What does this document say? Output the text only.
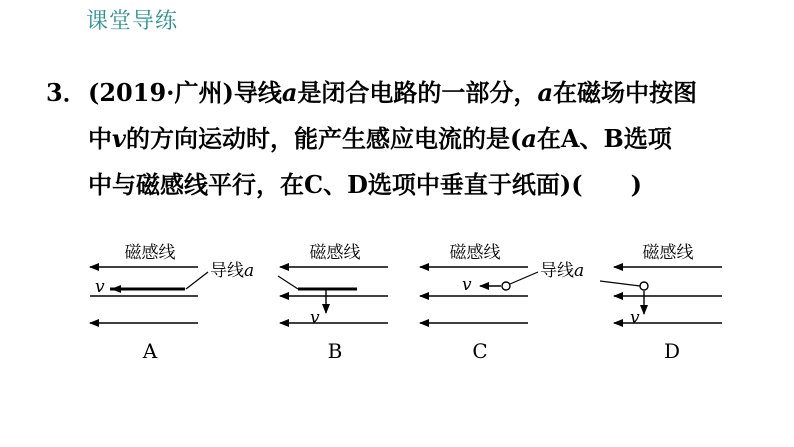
课堂导练
3．(2019·广州)导线a是闭合电路的一部分，a在磁场中按图
中v的方向运动时，能产生感应电流的是(a在A、B选项
中与磁感线平行，在C、D选项中垂直于纸面)(　　)
磁感线
v
导线a
A
磁感线
v
B
磁感线
v
导线a
C
磁感线
v
D
